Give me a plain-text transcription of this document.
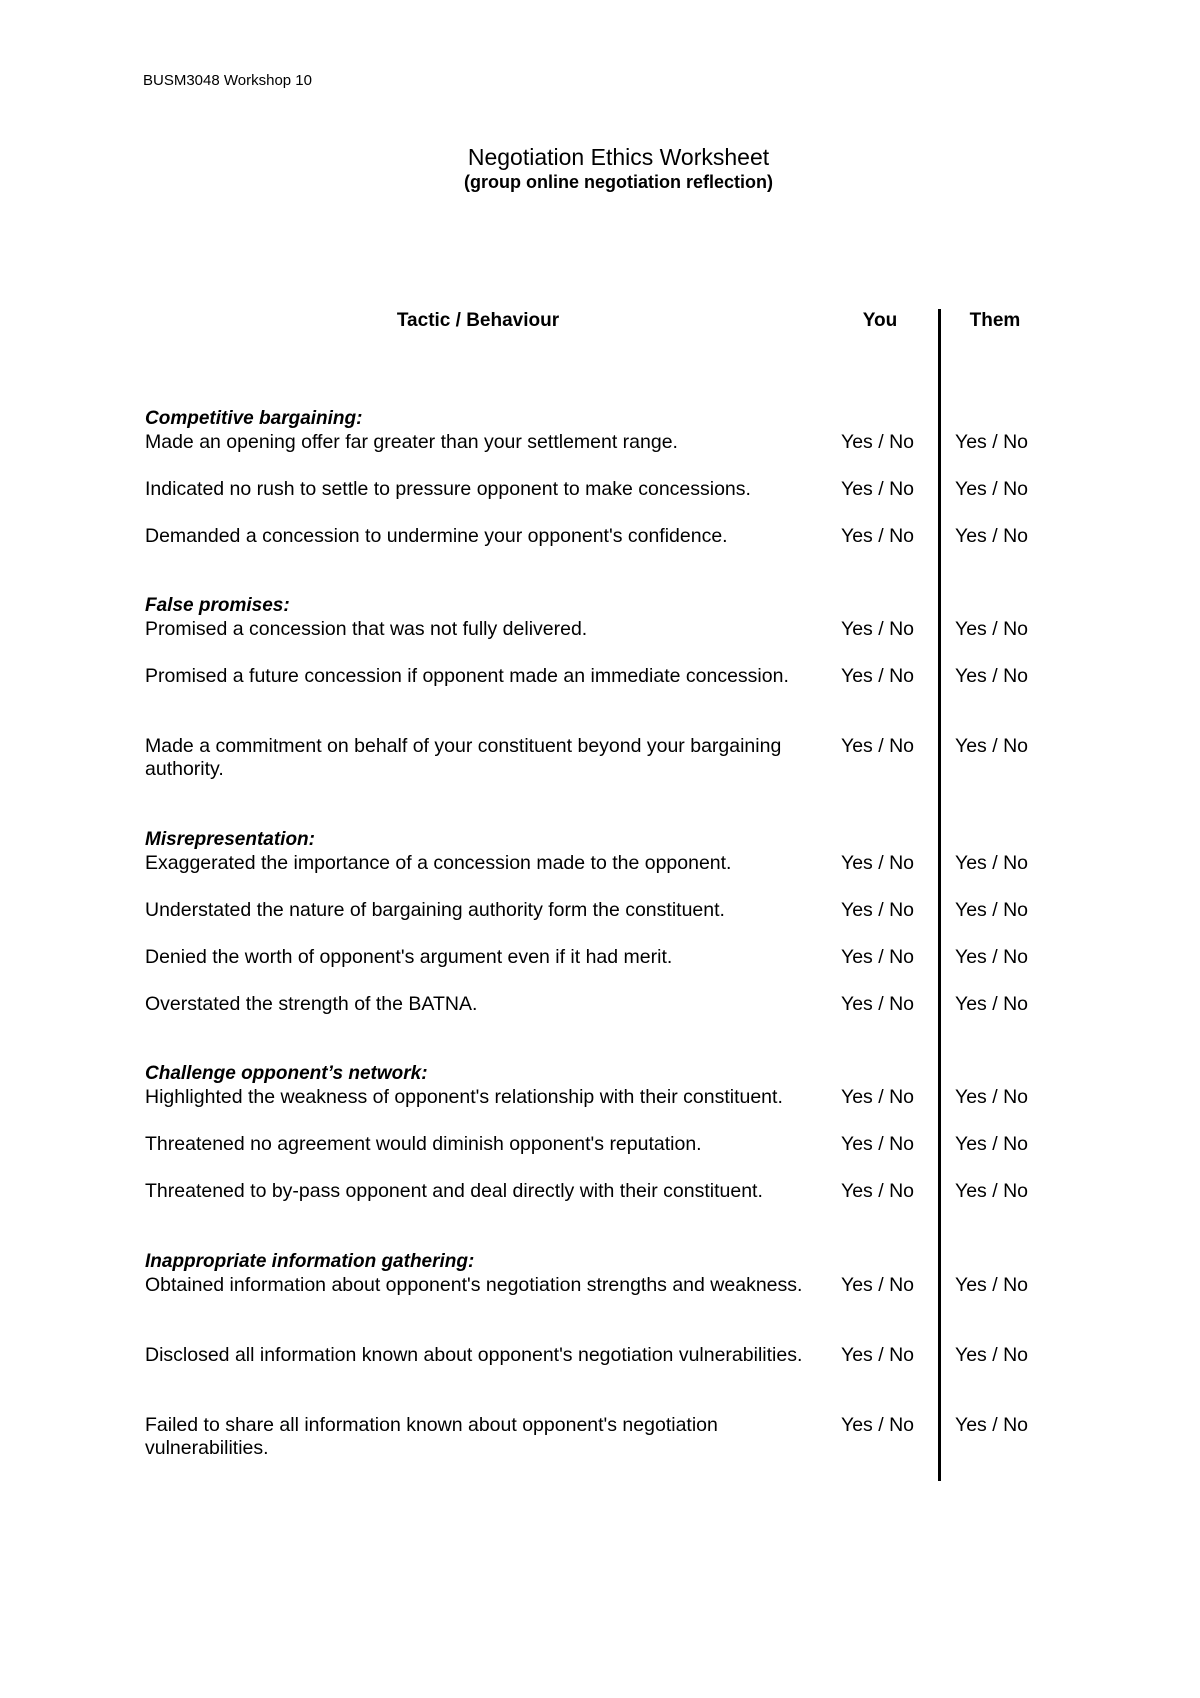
BUSM3048 Workshop 10
Negotiation Ethics Worksheet
(group online negotiation reflection)
Tactic / Behaviour	You	Them
Competitive bargaining:
Made an opening offer far greater than your settlement range.	Yes / No Yes / No
Indicated no rush to settle to pressure opponent to make concessions.	Yes / No Yes / No
Demanded a concession to undermine your opponent's confidence.	Yes / No Yes / No
False promises:
Promised a concession that was not fully delivered.	Yes / No Yes / No
Promised a future concession if opponent made an immediate concession.	Yes / No Yes / No
Made a commitment on behalf of your constituent beyond your bargaining authority.
Yes / No Yes / No
Misrepresentation:
Exaggerated the importance of a concession made to the opponent.	Yes / No Yes / No
Understated the nature of bargaining authority form the constituent.	Yes / No Yes / No
Denied the worth of opponent's argument even if it had merit.	Yes / No Yes / No
Overstated the strength of the BATNA.	Yes / No Yes / No
Challenge opponent’s network:
Highlighted the weakness of opponent's relationship with their constituent.	Yes / No Yes / No
Threatened no agreement would diminish opponent's reputation.	Yes / No Yes / No
Threatened to by-pass opponent and deal directly with their constituent.	Yes / No Yes / No
Inappropriate information gathering:
Obtained information about opponent's negotiation strengths and weakness.	Yes / No Yes / No
Disclosed all information known about opponent's negotiation vulnerabilities.	Yes / No Yes / No
Failed to share all information known about opponent's negotiation vulnerabilities.
Yes / No Yes / No
